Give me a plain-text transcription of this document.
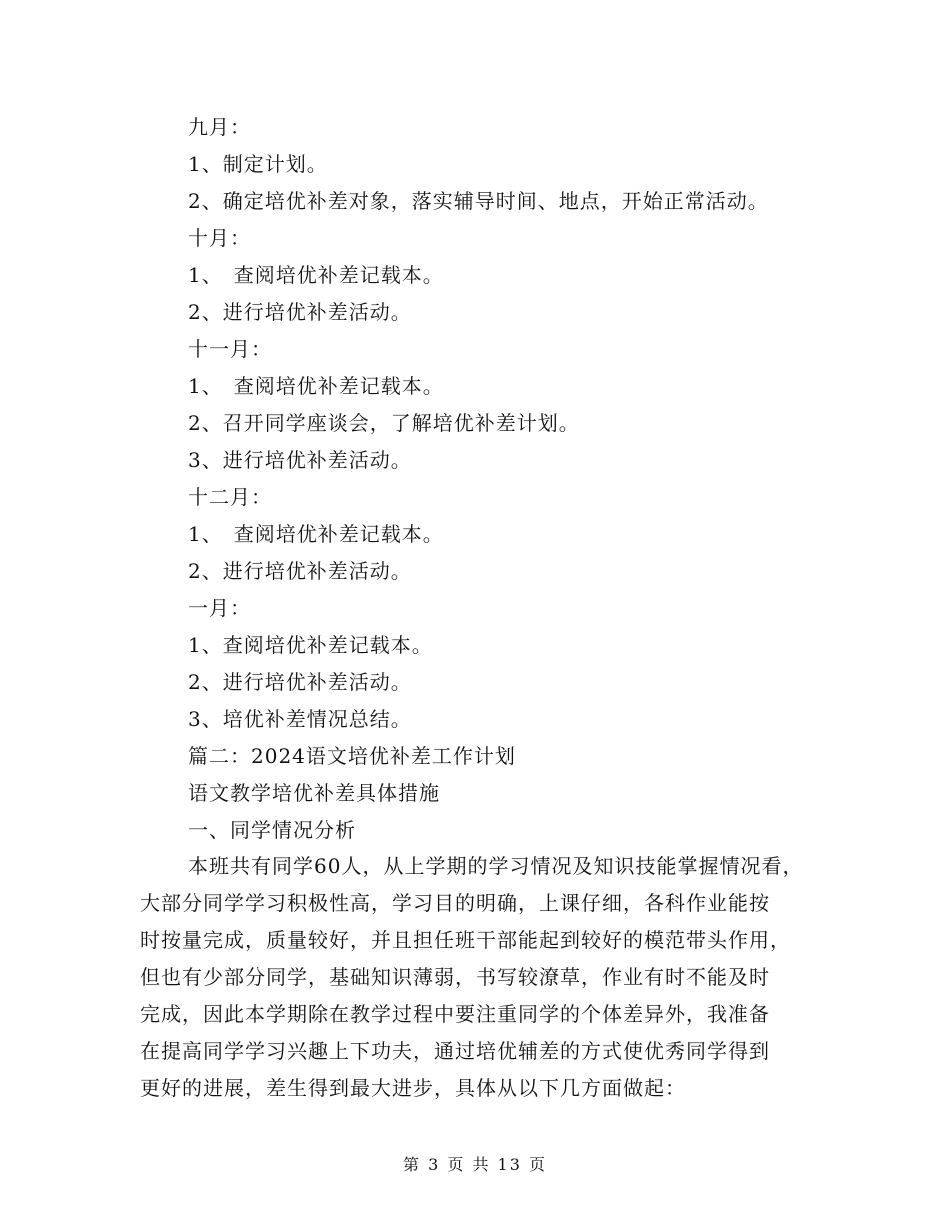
九月：
1、制定计划。
2、确定培优补差对象，落实辅导时间、地点，开始正常活动。
十月：
1、　查阅培优补差记载本。
2、进行培优补差活动。
十一月：
1、　查阅培优补差记载本。
2、召开同学座谈会，了解培优补差计划。
3、进行培优补差活动。
十二月：
1、　查阅培优补差记载本。
2、进行培优补差活动。
一月：
1、查阅培优补差记载本。
2、进行培优补差活动。
3、培优补差情况总结。
篇二：2024语文培优补差工作计划
语文教学培优补差具体措施
一、同学情况分析
本班共有同学60人，从上学期的学习情况及知识技能掌握情况看，
大部分同学学习积极性高，学习目的明确，上课仔细，各科作业能按
时按量完成，质量较好，并且担任班干部能起到较好的模范带头作用，
但也有少部分同学，基础知识薄弱，书写较潦草，作业有时不能及时
完成，因此本学期除在教学过程中要注重同学的个体差异外，我准备
在提高同学学习兴趣上下功夫，通过培优辅差的方式使优秀同学得到
更好的进展，差生得到最大进步，具体从以下几方面做起：
第 3 页 共 13 页
